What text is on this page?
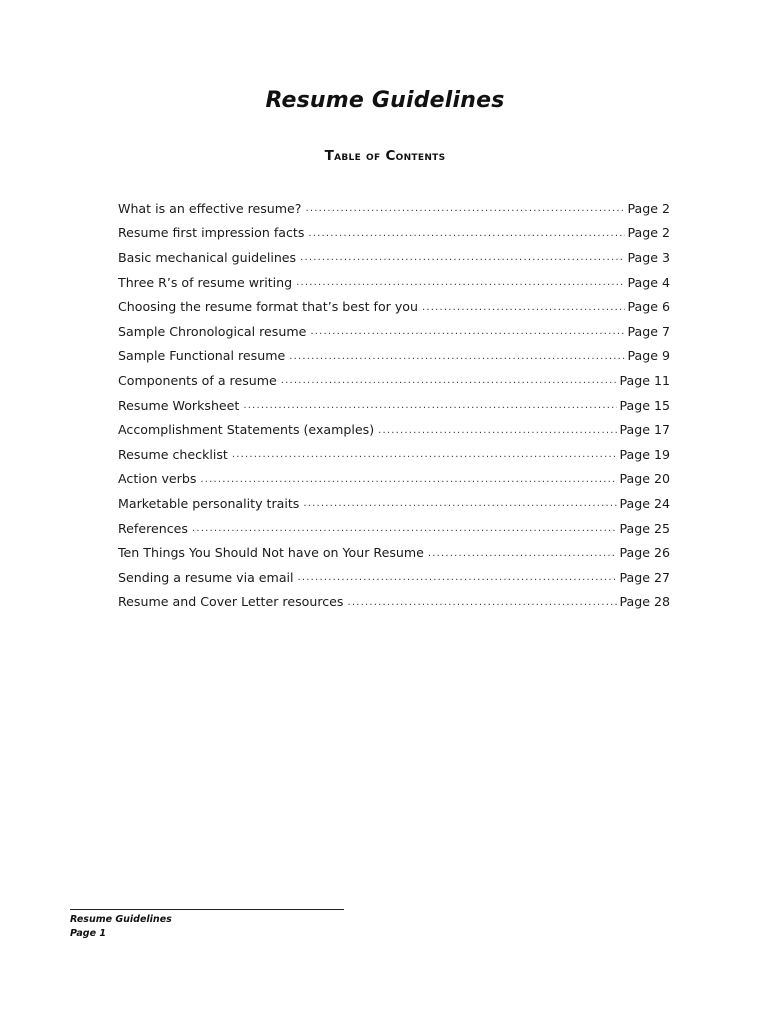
Resume Guidelines
Table of Contents
What is an effective resume? .....	Page 2
Resume first impression facts .....	Page 2
Basic mechanical guidelines .....	Page 3
Three R’s of resume writing .....	Page 4
Choosing the resume format that’s best for you .....	Page 6
Sample Chronological resume .....	Page 7
Sample Functional resume .....	Page 9
Components of a resume .....	Page 11
Resume Worksheet .....	Page 15
Accomplishment Statements (examples) .....	Page 17
Resume checklist .....	Page 19
Action verbs .....	Page 20
Marketable personality traits .....	Page 24
References .....	Page 25
Ten Things You Should Not have on Your Resume .....	Page 26
Sending a resume via email .....	Page 27
Resume and Cover Letter resources .....	Page 28
Resume Guidelines
Page 1
